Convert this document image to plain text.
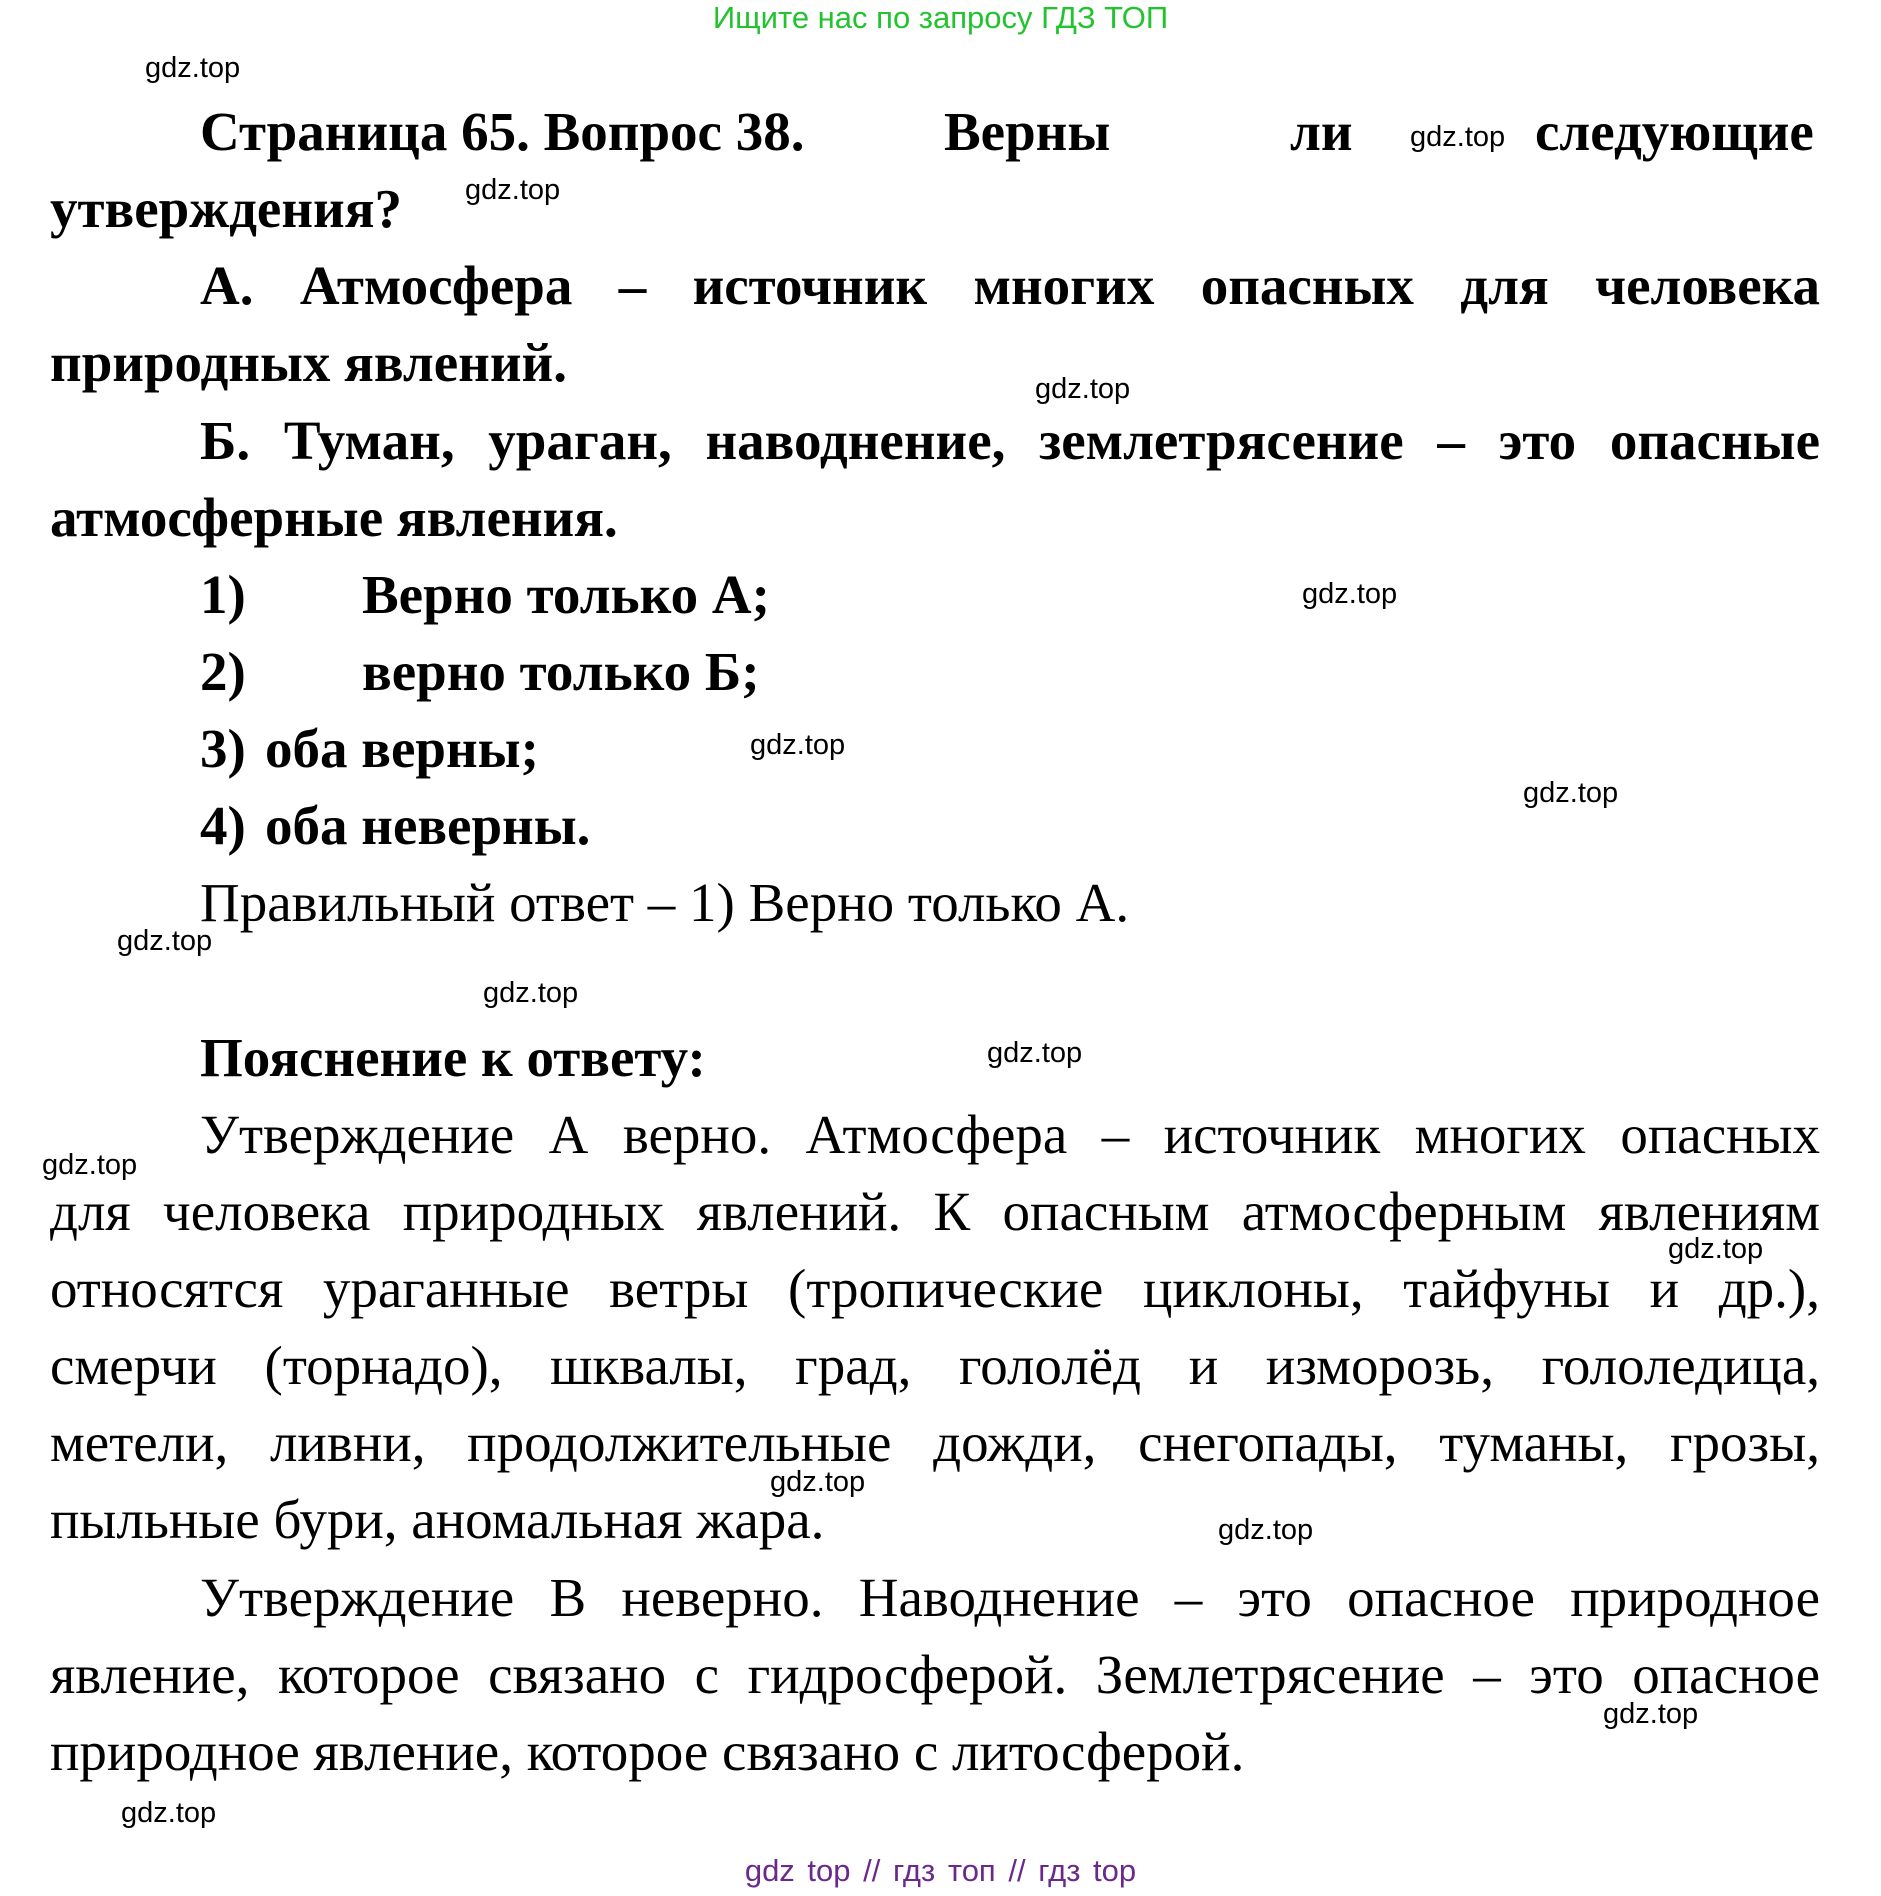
Ищите нас по запросу ГДЗ ТОП
Страница 65. Вопрос 38.	Верны	ли	следующие
утверждения?
А. Атмосфера – источник многих опасных для человека
природных явлений.
Б. Туман, ураган, наводнение, землетрясение – это опасные
атмосферные явления.
1) Верно только А;
2) верно только Б;
3) оба верны;
4) оба неверны.
Правильный ответ – 1) Верно только А.
Пояснение к ответу:
Утверждение А верно. Атмосфера – источник многих опасных
для человека природных явлений. К опасным атмосферным явлениям
относятся ураганные ветры (тропические циклоны, тайфуны и др.),
смерчи (торнадо), шквалы, град, гололёд и изморозь, гололедица,
метели, ливни, продолжительные дожди, снегопады, туманы, грозы,
пыльные бури, аномальная жара.
Утверждение В неверно. Наводнение – это опасное природное
явление, которое связано с гидросферой. Землетрясение – это опасное
природное явление, которое связано с литосферой.
gdz.top
gdz.top
gdz.top
gdz.top
gdz.top
gdz.top
gdz.top
gdz.top
gdz.top
gdz.top
gdz.top
gdz.top
gdz.top
gdz.top
gdz.top
gdz.top
gdz top // гдз топ // гдз top
